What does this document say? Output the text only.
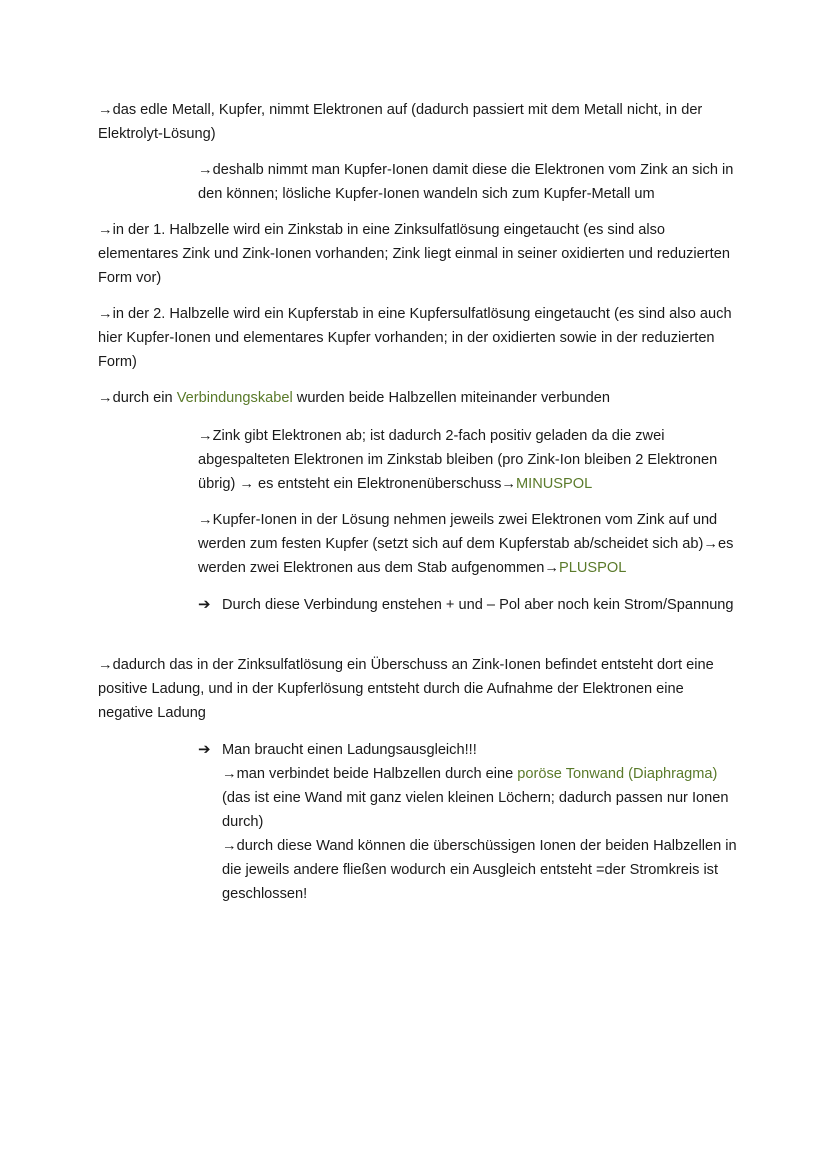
→das edle Metall, Kupfer, nimmt Elektronen auf (dadurch passiert mit dem Metall nicht, in der Elektrolyt-Lösung)

→deshalb nimmt man Kupfer-Ionen damit diese die Elektronen vom Zink an sich in den können; lösliche Kupfer-Ionen wandeln sich zum Kupfer-Metall um

→in der 1. Halbzelle wird ein Zinkstab in eine Zinksulfatlösung eingetaucht (es sind also elementares Zink und Zink-Ionen vorhanden; Zink liegt einmal in seiner oxidierten und reduzierten Form vor)

→in der 2. Halbzelle wird ein Kupferstab in eine Kupfersulfatlösung eingetaucht (es sind also auch hier Kupfer-Ionen und elementares Kupfer vorhanden; in der oxidierten sowie in der reduzierten Form)

→durch ein Verbindungskabel wurden beide Halbzellen miteinander verbunden

→Zink gibt Elektronen ab; ist dadurch 2-fach positiv geladen da die zwei abgespalteten Elektronen im Zinkstab bleiben (pro Zink-Ion bleiben 2 Elektronen übrig) → es entsteht ein Elektronenüberschuss→MINUSPOL

→Kupfer-Ionen in der Lösung nehmen jeweils zwei Elektronen vom Zink auf und werden zum festen Kupfer (setzt sich auf dem Kupferstab ab/scheidet sich ab)→es werden zwei Elektronen aus dem Stab aufgenommen→PLUSPOL

➔ Durch diese Verbindung enstehen + und – Pol aber noch kein Strom/Spannung

→dadurch das in der Zinksulfatlösung ein Überschuss an Zink-Ionen befindet entsteht dort eine positive Ladung, und in der Kupferlösung entsteht durch die Aufnahme der Elektronen eine negative Ladung

➔ Man braucht einen Ladungsausgleich!!!
→man verbindet beide Halbzellen durch eine poröse Tonwand (Diaphragma) (das ist eine Wand mit ganz vielen kleinen Löchern; dadurch passen nur Ionen durch)
→durch diese Wand können die überschüssigen Ionen der beiden Halbzellen in die jeweils andere fließen wodurch ein Ausgleich entsteht =der Stromkreis ist geschlossen!
